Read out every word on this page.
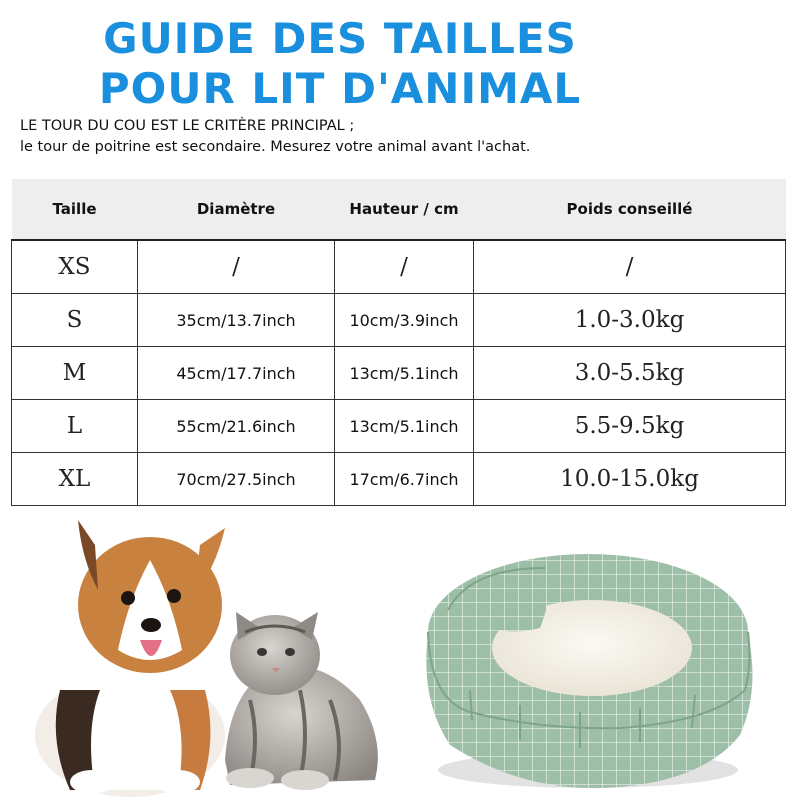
GUIDE DES TAILLES
POUR LIT D'ANIMAL

LE TOUR DU COU EST LE CRITÈRE PRINCIPAL ;

le tour de poitrine est secondaire. Mesurez votre animal avant l'achat.

Taille	Diamètre	Hauteur / cm	Poids conseillé
XS	/	/	/
S	35cm/13.7inch	10cm/3.9inch	1.0-3.0kg
M	45cm/17.7inch	13cm/5.1inch	3.0-5.5kg
L	55cm/21.6inch	13cm/5.1inch	5.5-9.5kg
XL	70cm/27.5inch	17cm/6.7inch	10.0-15.0kg
